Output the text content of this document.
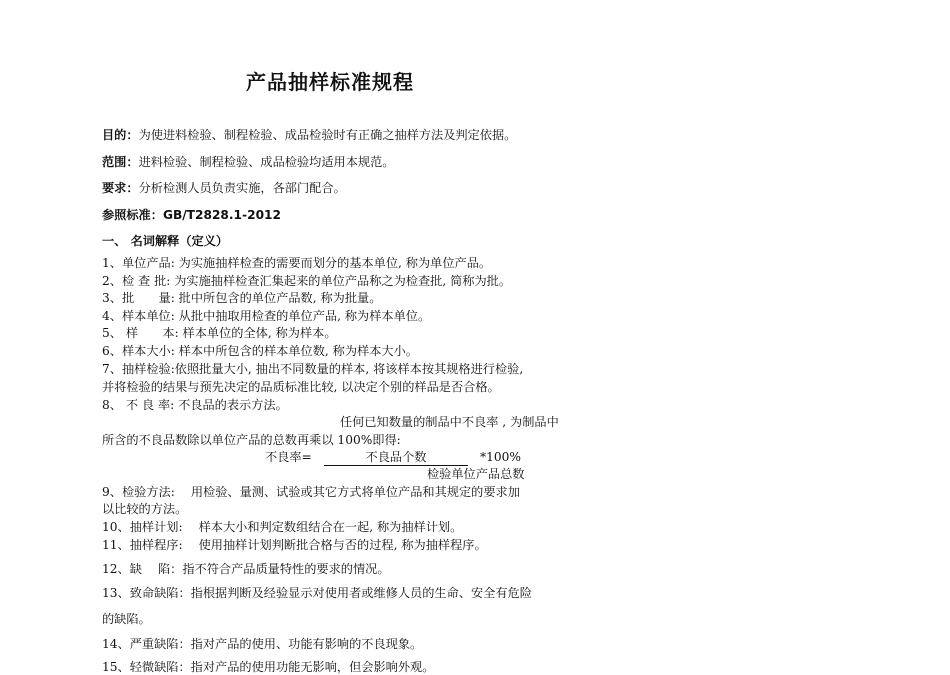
产品抽样标准规程
目的：为使进料检验、制程检验、成品检验时有正确之抽样方法及判定依据。
范围：进料检验、制程检验、成品检验均适用本规范。
要求：分析检测人员负责实施，各部门配合。
参照标准：GB/T2828.1-2012
一、 名词解释（定义）
1、单位产品: 为实施抽样检查的需要而划分的基本单位, 称为单位产品。
2、检 查 批: 为实施抽样检查汇集起来的单位产品称之为检查批, 简称为批。
3、批　　量: 批中所包含的单位产品数, 称为批量。
4、样本单位: 从批中抽取用检查的单位产品, 称为样本单位。
5、 样　　本: 样本单位的全体, 称为样本。
6、样本大小: 样本中所包含的样本单位数, 称为样本大小。
7、抽样检验:依照批量大小, 抽出不同数量的样本, 将该样本按其规格进行检验,
并将检验的结果与预先决定的品质标准比较, 以决定个别的样品是否合格。
8、 不 良 率: 不良品的表示方法。
任何已知数量的制品中不良率 , 为制品中
所含的不良品数除以单位产品的总数再乘以 100%即得:
不良率=	不良品个数	*100%
检验单位产品总数
9、检验方法:　 用检验、量测、试验或其它方式将单位产品和其规定的要求加
以比较的方法。
10、抽样计划:　 样本大小和判定数组结合在一起, 称为抽样计划。
11、抽样程序:　 使用抽样计划判断批合格与否的过程, 称为抽样程序。
12、缺　 陷：指不符合产品质量特性的要求的情况。
13、致命缺陷：指根据判断及经验显示对使用者或维修人员的生命、安全有危险
的缺陷。
14、严重缺陷：指对产品的使用、功能有影响的不良现象。
15、轻微缺陷：指对产品的使用功能无影响，但会影响外观。
